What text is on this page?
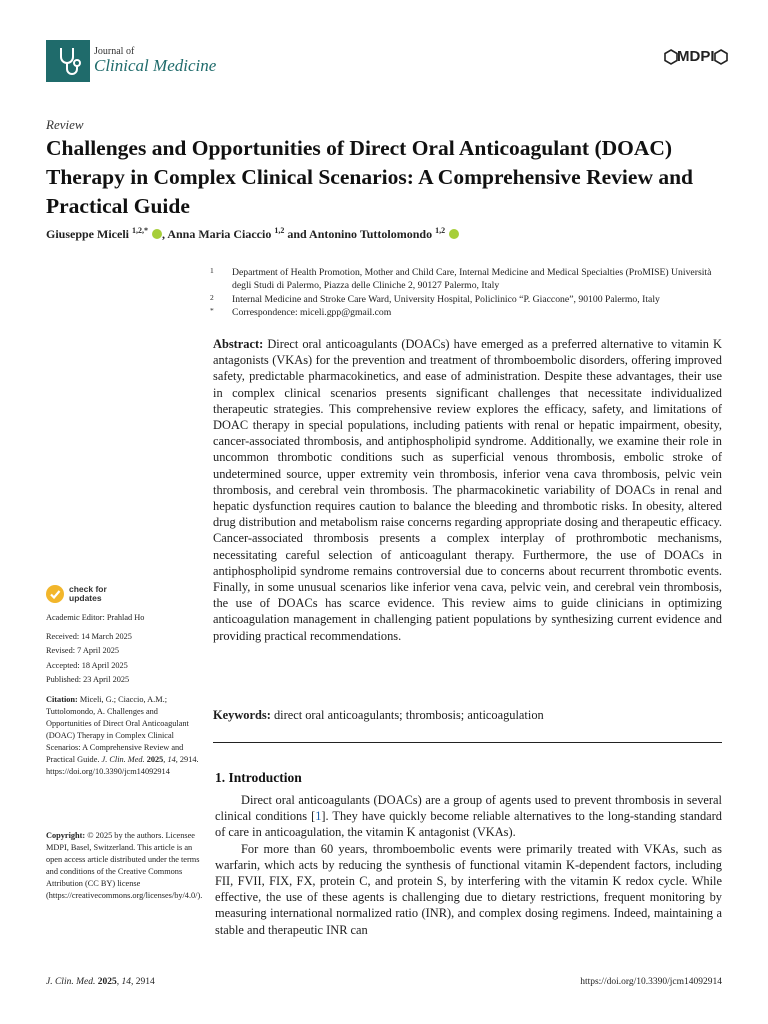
Journal of
Clinical Medicine	MDPI
Review
Challenges and Opportunities of Direct Oral Anticoagulant (DOAC) Therapy in Complex Clinical Scenarios: A Comprehensive Review and Practical Guide
Giuseppe Miceli $^{1,2,*}$ , Anna Maria Ciaccio $^{1,2}$ and Antonino Tuttolomondo $^{1,2}$
1	Department of Health Promotion, Mother and Child Care, Internal Medicine and Medical Specialties (ProMISE) Università degli Studi di Palermo, Piazza delle Cliniche 2, 90127 Palermo, Italy
2	Internal Medicine and Stroke Care Ward, University Hospital, Policlinico “P. Giaccone”, 90100 Palermo, Italy
*	Correspondence: miceli.gpp@gmail.com
Abstract: Direct oral anticoagulants (DOACs) have emerged as a preferred alternative to vitamin K antagonists (VKAs) for the prevention and treatment of thromboembolic disorders, offering improved safety, predictable pharmacokinetics, and ease of administration. Despite these advantages, their use in complex clinical scenarios presents significant challenges that necessitate individualized therapeutic strategies. This comprehensive review explores the efficacy, safety, and limitations of DOAC therapy in special populations, including patients with renal or hepatic impairment, obesity, cancer-associated thrombosis, and antiphospholipid syndrome. Additionally, we examine their role in uncommon thrombotic conditions such as superficial venous thrombosis, embolic stroke of undetermined source, upper extremity vein thrombosis, inferior vena cava thrombosis, pelvic vein thrombosis, and cerebral vein thrombosis. The pharmacokinetic variability of DOACs in renal and hepatic dysfunction requires caution to balance the bleeding and thrombotic risks. In obesity, altered drug distribution and metabolism raise concerns regarding appropriate dosing and therapeutic efficacy. Cancer-associated thrombosis presents a complex interplay of prothrombotic mechanisms, necessitating careful selection of anticoagulant therapy. Furthermore, the use of DOACs in antiphospholipid syndrome remains controversial due to concerns about recurrent thrombotic events. Finally, in some unusual scenarios like inferior vena cava, pelvic vein, and cerebral vein thrombosis, the use of DOACs has scarce evidence. This review aims to guide clinicians in optimizing anticoagulation management in challenging patient populations by synthesizing current evidence and providing practical recommendations.
Keywords: direct oral anticoagulants; thrombosis; anticoagulation
1. Introduction

Direct oral anticoagulants (DOACs) are a group of agents used to prevent thrombosis in several clinical conditions [1]. They have quickly become reliable alternatives to the long-standing standard of care in anticoagulation, the vitamin K antagonist (VKAs).

For more than 60 years, thromboembolic events were primarily treated with VKAs, such as warfarin, which acts by reducing the synthesis of functional vitamin K-dependent factors, including FII, FVII, FIX, FX, protein C, and protein S, by interfering with the vitamin K redox cycle. While effective, the use of these agents is challenging due to dietary restrictions, frequent monitoring by measuring international normalized ratio (INR), and complex dosing regimens. Indeed, maintaining a stable and therapeutic INR can

check for
updates
Academic Editor: Prahlad Ho
Received: 14 March 2025
Revised: 7 April 2025
Accepted: 18 April 2025
Published: 23 April 2025
Citation: Miceli, G.; Ciaccio, A.M.; Tuttolomondo, A. Challenges and Opportunities of Direct Oral Anticoagulant (DOAC) Therapy in Complex Clinical Scenarios: A Comprehensive Review and Practical Guide. J. Clin. Med. 2025, 14, 2914. https://doi.org/10.3390/jcm14092914
Copyright: © 2025 by the authors. Licensee MDPI, Basel, Switzerland. This article is an open access article distributed under the terms and conditions of the Creative Commons Attribution (CC BY) license (https://creativecommons.org/licenses/by/4.0/).
J. Clin. Med. 2025, 14, 2914	https://doi.org/10.3390/jcm14092914
